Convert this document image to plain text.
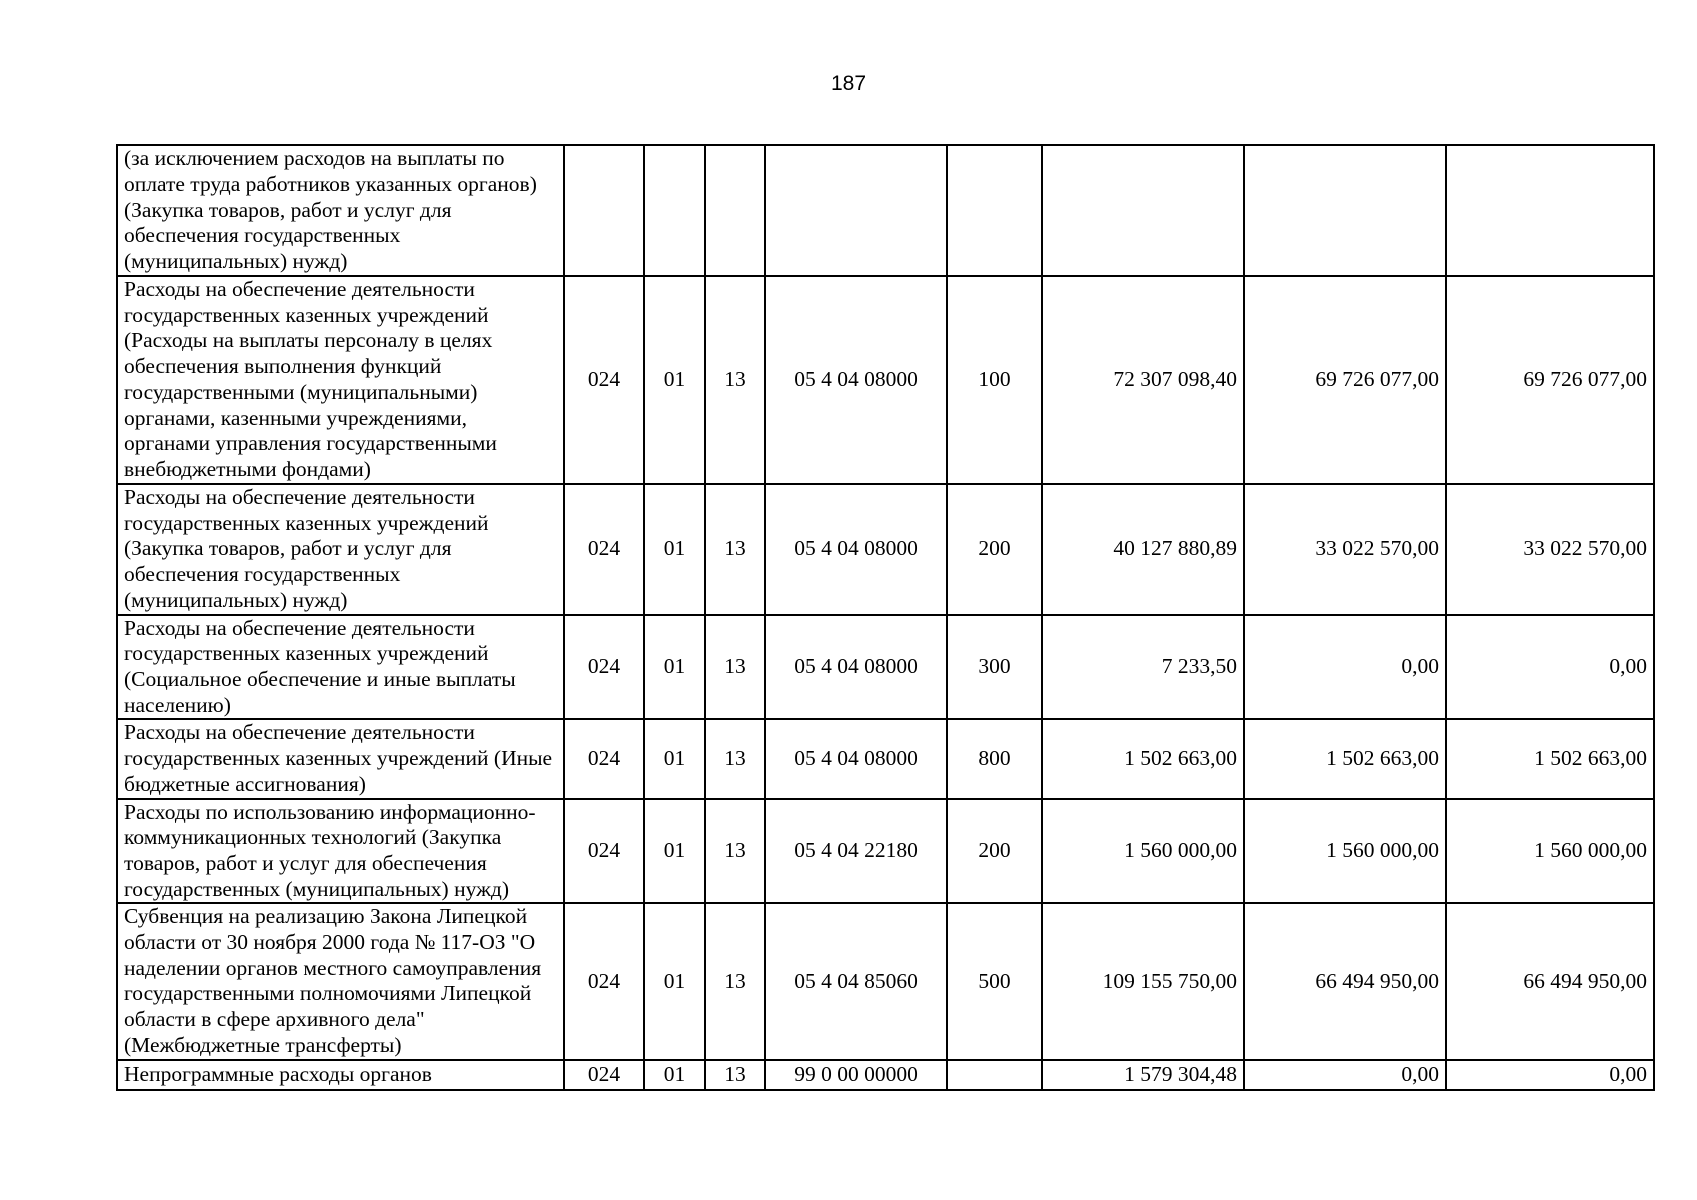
187
(за исключением расходов на выплаты по оплате труда работников указанных органов) (Закупка товаров, работ и услуг для обеспечения государственных (муниципальных) нужд)								
Расходы на обеспечение деятельности государственных казенных учреждений (Расходы на выплаты персоналу в целях обеспечения выполнения функций государственными (муниципальными) органами, казенными учреждениями, органами управления государственными внебюджетными фондами)	024	01	13	05 4 04 08000	100	72 307 098,40	69 726 077,00	69 726 077,00
Расходы на обеспечение деятельности государственных казенных учреждений (Закупка товаров, работ и услуг для обеспечения государственных (муниципальных) нужд)	024	01	13	05 4 04 08000	200	40 127 880,89	33 022 570,00	33 022 570,00
Расходы на обеспечение деятельности государственных казенных учреждений (Социальное обеспечение и иные выплаты населению)	024	01	13	05 4 04 08000	300	7 233,50	0,00	0,00
Расходы на обеспечение деятельности государственных казенных учреждений (Иные бюджетные ассигнования)	024	01	13	05 4 04 08000	800	1 502 663,00	1 502 663,00	1 502 663,00
Расходы по использованию информационно-коммуникационных технологий (Закупка товаров, работ и услуг для обеспечения государственных (муниципальных) нужд)	024	01	13	05 4 04 22180	200	1 560 000,00	1 560 000,00	1 560 000,00
Субвенция на реализацию Закона Липецкой области от 30 ноября 2000 года № 117-ОЗ "О наделении органов местного самоуправления государственными полномочиями Липецкой области в сфере архивного дела" (Межбюджетные трансферты)	024	01	13	05 4 04 85060	500	109 155 750,00	66 494 950,00	66 494 950,00
Непрограммные расходы органов	024	01	13	99 0 00 00000		1 579 304,48	0,00	0,00
